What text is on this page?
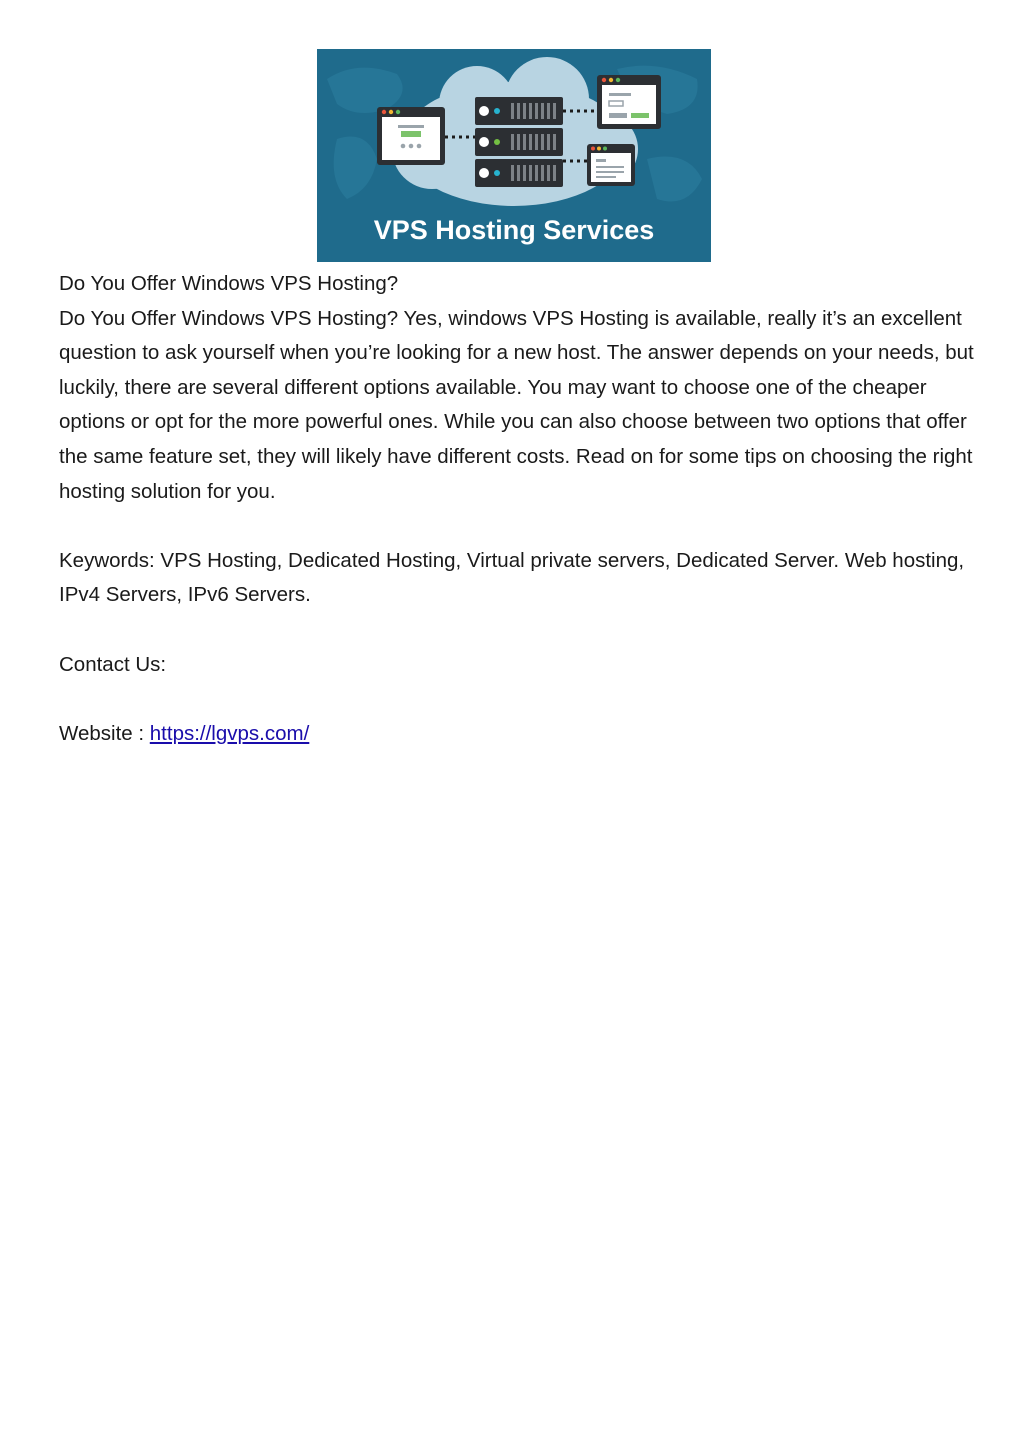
VPS Hosting Services

Do You Offer Windows VPS Hosting?

Do You Offer Windows VPS Hosting? Yes, windows VPS Hosting is available, really it’s an excellent question to ask yourself when you’re looking for a new host. The answer depends on your needs, but luckily, there are several different options available. You may want to choose one of the cheaper options or opt for the more powerful ones. While you can also choose between two options that offer the same feature set, they will likely have different costs. Read on for some tips on choosing the right hosting solution for you.

Keywords: VPS Hosting, Dedicated Hosting, Virtual private servers, Dedicated Server. Web hosting, IPv4 Servers, IPv6 Servers.

Contact Us:

Website : https://lgvps.com/
